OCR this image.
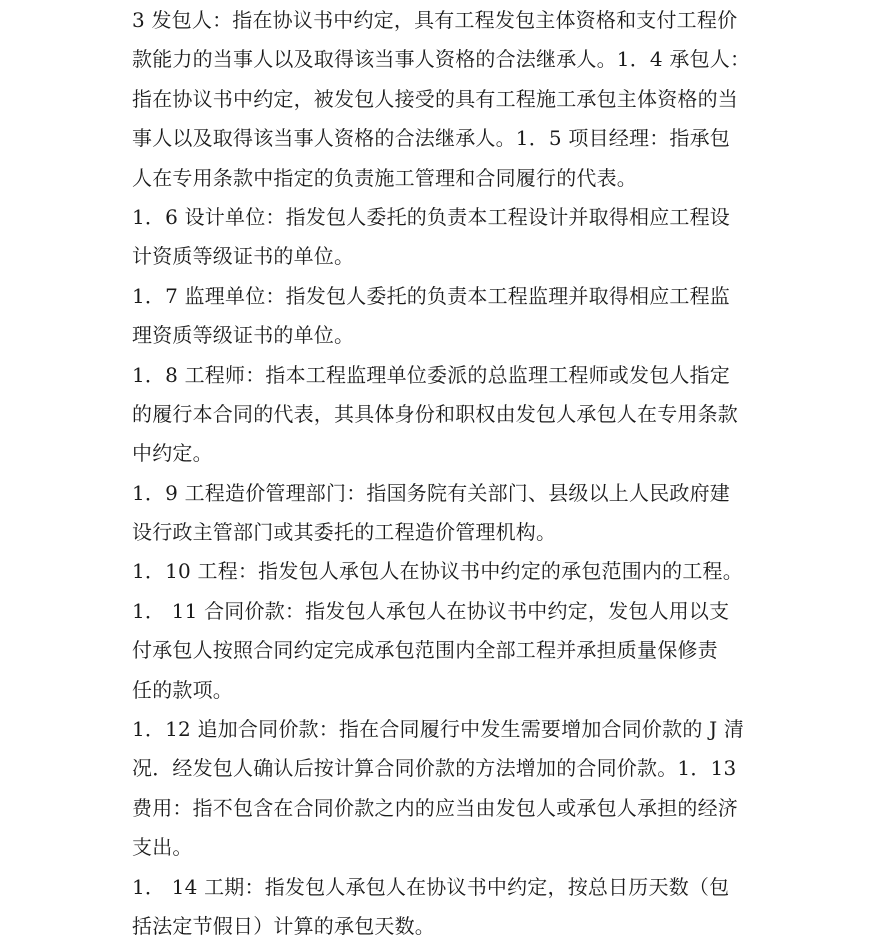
3 发包人：指在协议书中约定，具有工程发包主体资格和支付工程价
款能力的当事人以及取得该当事人资格的合法继承人。1．4 承包人：
指在协议书中约定，被发包人接受的具有工程施工承包主体资格的当
事人以及取得该当事人资格的合法继承人。1．5 项目经理：指承包
人在专用条款中指定的负责施工管理和合同履行的代表。
1．6 设计单位：指发包人委托的负责本工程设计并取得相应工程设
计资质等级证书的单位。
1．7 监理单位：指发包人委托的负责本工程监理并取得相应工程监
理资质等级证书的单位。
1．8 工程师：指本工程监理单位委派的总监理工程师或发包人指定
的履行本合同的代表，其具体身份和职权由发包人承包人在专用条款
中约定。
1．9 工程造价管理部门：指国务院有关部门、县级以上人民政府建
设行政主管部门或其委托的工程造价管理机构。
1．10 工程：指发包人承包人在协议书中约定的承包范围内的工程。
1． 11 合同价款：指发包人承包人在协议书中约定，发包人用以支
付承包人按照合同约定完成承包范围内全部工程并承担质量保修责
任的款项。
1．12 追加合同价款：指在合同履行中发生需要增加合同价款的 J 清
况．经发包人确认后按计算合同价款的方法增加的合同价款。1．13
费用：指不包含在合同价款之内的应当由发包人或承包人承担的经济
支出。
1． 14 工期：指发包人承包人在协议书中约定，按总日历天数（包
括法定节假日）计算的承包天数。
